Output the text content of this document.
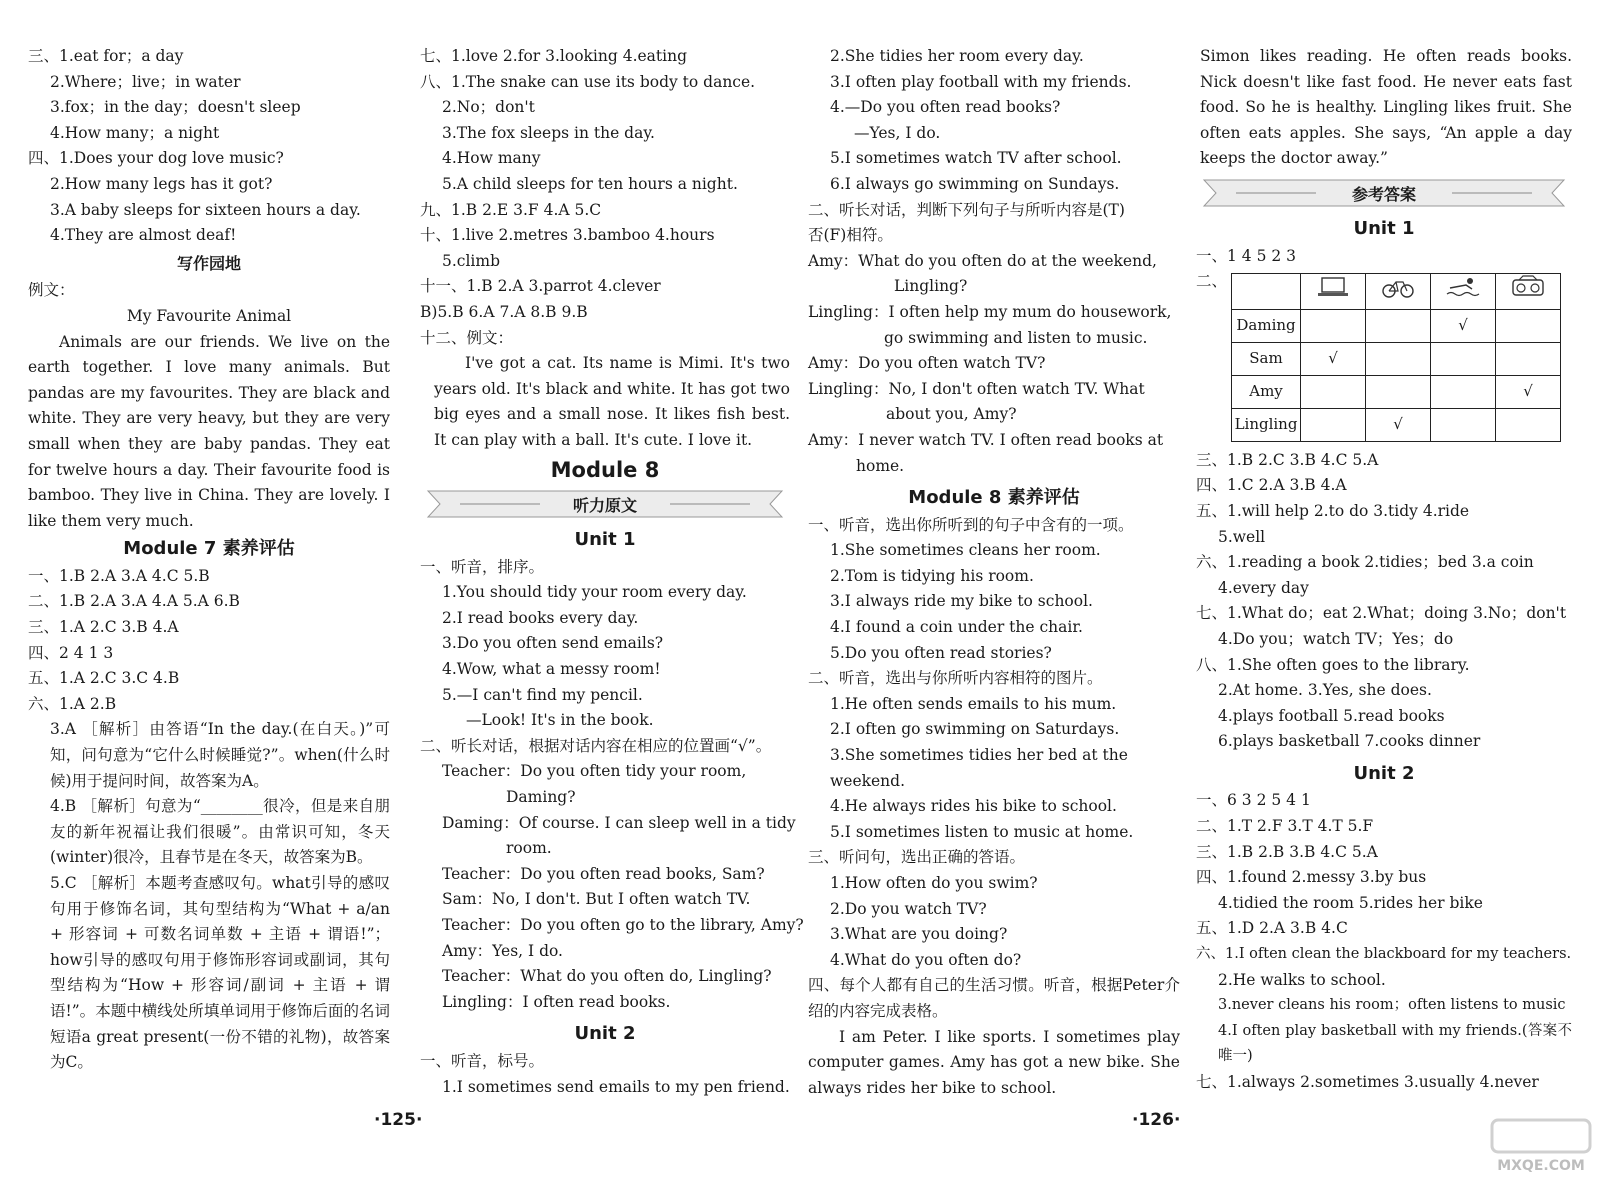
三、1.eat for；a day
2.Where；live；in water
3.fox；in the day；doesn't sleep
4.How many；a night
四、1.Does your dog love music?
2.How many legs has it got?
3.A baby sleeps for sixteen hours a day.
4.They are almost deaf!
写作园地
例文：
My Favourite Animal
Animals are our friends. We live on the earth together. I love many animals. But pandas are my favourites. They are black and white. They are very heavy, but they are very small when they are baby pandas. They eat for twelve hours a day. Their favourite food is bamboo. They live in China. They are lovely. I like them very much.
Module 7 素养评估
一、1.B 2.A 3.A 4.C 5.B
二、1.B 2.A 3.A 4.A 5.A 6.B
三、1.A 2.C 3.B 4.A
四、2 4 1 3
五、1.A 2.C 3.C 4.B
六、1.A 2.B
3.A ［解析］由答语“In the day.(在白天。)”可知，问句意为“它什么时候睡觉?”。when(什么时候)用于提问时间，故答案为A。
4.B ［解析］句意为“________很冷，但是来自朋友的新年祝福让我们很暖”。由常识可知，冬天(winter)很冷，且春节是在冬天，故答案为B。
5.C ［解析］本题考查感叹句。what引导的感叹句用于修饰名词，其句型结构为“What + a/an + 形容词 + 可数名词单数 + 主语 + 谓语!”；how引导的感叹句用于修饰形容词或副词，其句型结构为“How + 形容词/副词 + 主语 + 谓语!”。本题中横线处所填单词用于修饰后面的名词短语a great present(一份不错的礼物)，故答案为C。
七、1.love 2.for 3.looking 4.eating
八、1.The snake can use its body to dance.
2.No；don't
3.The fox sleeps in the day.
4.How many
5.A child sleeps for ten hours a night.
九、1.B 2.E 3.F 4.A 5.C
十、1.live 2.metres 3.bamboo 4.hours
5.climb
十一、1.B 2.A 3.parrot 4.clever
B)5.B 6.A 7.A 8.B 9.B
十二、例文：
I've got a cat. Its name is Mimi. It's two years old. It's black and white. It has got two big eyes and a small nose. It likes fish best. It can play with a ball. It's cute. I love it.
Module 8
听力原文
Unit 1
一、听音，排序。
1.You should tidy your room every day.
2.I read books every day.
3.Do you often send emails?
4.Wow, what a messy room!
5.—I can't find my pencil.
—Look! It's in the book.
二、听长对话，根据对话内容在相应的位置画“√”。
Teacher：Do you often tidy your room,
Daming?
Daming：Of course. I can sleep well in a tidy
room.
Teacher：Do you often read books, Sam?
Sam：No, I don't. But I often watch TV.
Teacher：Do you often go to the library, Amy?
Amy：Yes, I do.
Teacher：What do you often do, Lingling?
Lingling：I often read books.
Unit 2
一、听音，标号。
1.I sometimes send emails to my pen friend.
2.She tidies her room every day.
3.I often play football with my friends.
4.—Do you often read books?
—Yes, I do.
5.I sometimes watch TV after school.
6.I always go swimming on Sundays.
二、听长对话，判断下列句子与所听内容是(T)
否(F)相符。
Amy：What do you often do at the weekend,
Lingling?
Lingling：I often help my mum do housework,
go swimming and listen to music.
Amy：Do you often watch TV?
Lingling：No, I don't often watch TV. What
about you, Amy?
Amy：I never watch TV. I often read books at
home.
Module 8 素养评估
一、听音，选出你所听到的句子中含有的一项。
1.She sometimes cleans her room.
2.Tom is tidying his room.
3.I always ride my bike to school.
4.I found a coin under the chair.
5.Do you often read stories?
二、听音，选出与你所听内容相符的图片。
1.He often sends emails to his mum.
2.I often go swimming on Saturdays.
3.She sometimes tidies her bed at the
weekend.
4.He always rides his bike to school.
5.I sometimes listen to music at home.
三、听问句，选出正确的答语。
1.How often do you swim?
2.Do you watch TV?
3.What are you doing?
4.What do you often do?
四、每个人都有自己的生活习惯。听音，根据Peter介绍的内容完成表格。
I am Peter. I like sports. I sometimes play computer games. Amy has got a new bike. She always rides her bike to school.
Simon likes reading. He often reads books. Nick doesn't like fast food. He never eats fast food. So he is healthy. Lingling likes fruit. She often eats apples. She says, “An apple a day keeps the doctor away.”
参考答案
Unit 1
一、1 4 5 2 3
二、

Daming			√	
Sam	√			
Amy				√
Lingling		√		
三、1.B 2.C 3.B 4.C 5.A
四、1.C 2.A 3.B 4.A
五、1.will help 2.to do 3.tidy 4.ride
5.well
六、1.reading a book 2.tidies；bed 3.a coin
4.every day
七、1.What do；eat 2.What；doing 3.No；don't
4.Do you；watch TV；Yes；do
八、1.She often goes to the library.
2.At home. 3.Yes, she does.
4.plays football 5.read books
6.plays basketball 7.cooks dinner
Unit 2
一、6 3 2 5 4 1
二、1.T 2.F 3.T 4.T 5.F
三、1.B 2.B 3.B 4.C 5.A
四、1.found 2.messy 3.by bus
4.tidied the room 5.rides her bike
五、1.D 2.A 3.B 4.C
六、1.I often clean the blackboard for my teachers.
2.He walks to school.
3.never cleans his room；often listens to music
4.I often play basketball with my friends.(答案不唯一)
七、1.always 2.sometimes 3.usually 4.never
·125·	·126·
MXQE.COM
